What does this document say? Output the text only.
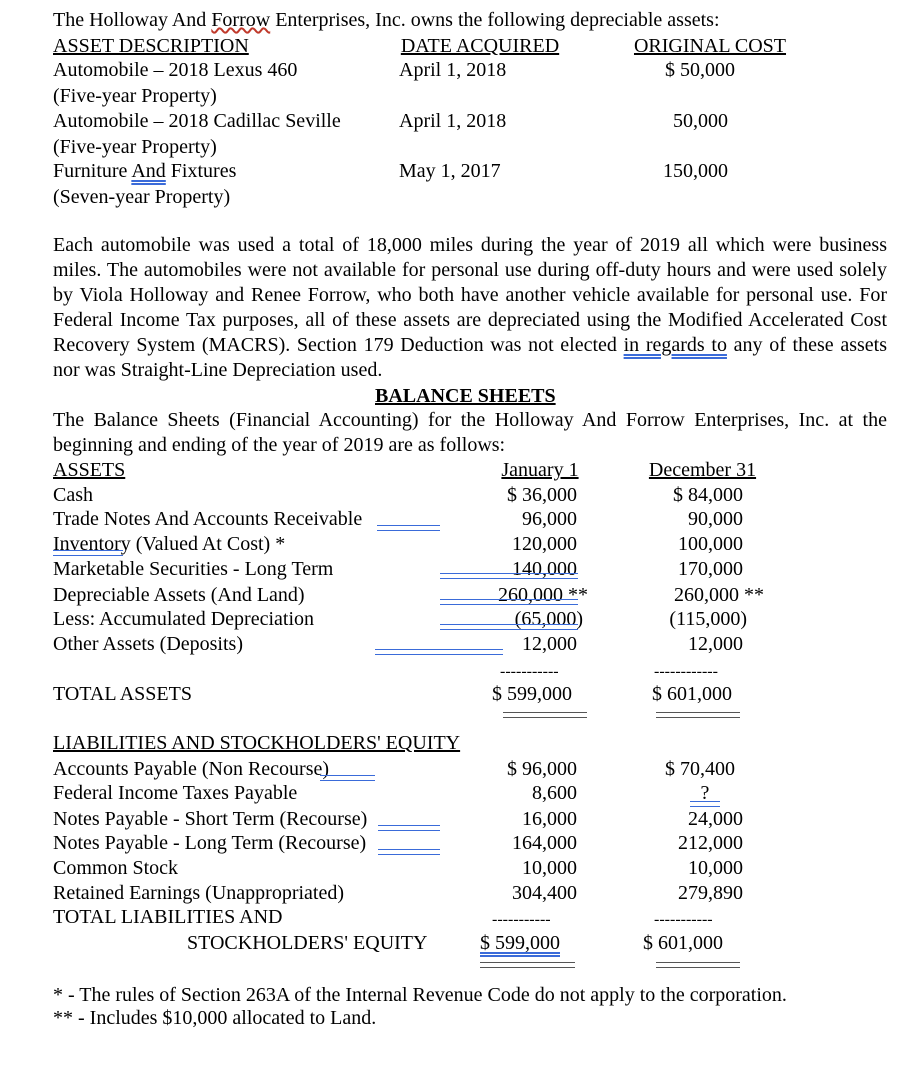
The Holloway And Forrow Enterprises, Inc. owns the following depreciable assets:
ASSET DESCRIPTION	DATE ACQUIRED	ORIGINAL COST
Automobile – 2018 Lexus 460	April 1, 2018	$ 50,000
(Five-year Property)
Automobile – 2018 Cadillac Seville	April 1, 2018	50,000
(Five-year Property)
Furniture And Fixtures	May 1, 2017	150,000
(Seven-year Property)
Each automobile was used a total of 18,000 miles during the year of 2019 all which were business miles. The automobiles were not available for personal use during off-duty hours and were used solely by Viola Holloway and Renee Forrow, who both have another vehicle available for personal use. For Federal Income Tax purposes, all of these assets are depreciated using the Modified Accelerated Cost Recovery System (MACRS). Section 179 Deduction was not elected in regards to any of these assets nor was Straight-Line Depreciation used.
BALANCE SHEETS
The Balance Sheets (Financial Accounting) for the Holloway And Forrow Enterprises, Inc. at the beginning and ending of the year of 2019 are as follows:
ASSETS	January 1	December 31
Cash	$ 36,000	$ 84,000
Trade Notes And Accounts Receivable	96,000	90,000
Inventory (Valued At Cost) *	120,000	100,000
Marketable Securities - Long Term	140,000	170,000
Depreciable Assets (And Land)	260,000 **	260,000 **
Less: Accumulated Depreciation	(65,000)	(115,000)
Other Assets (Deposits)	12,000	12,000
-----------	------------
TOTAL ASSETS	$ 599,000	$ 601,000
LIABILITIES AND STOCKHOLDERS' EQUITY
Accounts Payable (Non Recourse)	$ 96,000	$ 70,400
Federal Income Taxes Payable	8,600	?
Notes Payable - Short Term (Recourse)	16,000	24,000
Notes Payable - Long Term (Recourse)	164,000	212,000
Common Stock	10,000	10,000
Retained Earnings (Unappropriated)	304,400	279,890
-----------	-----------
TOTAL LIABILITIES AND
STOCKHOLDERS' EQUITY	$ 599,000	$ 601,000
* - The rules of Section 263A of the Internal Revenue Code do not apply to the corporation.
** - Includes $10,000 allocated to Land.
